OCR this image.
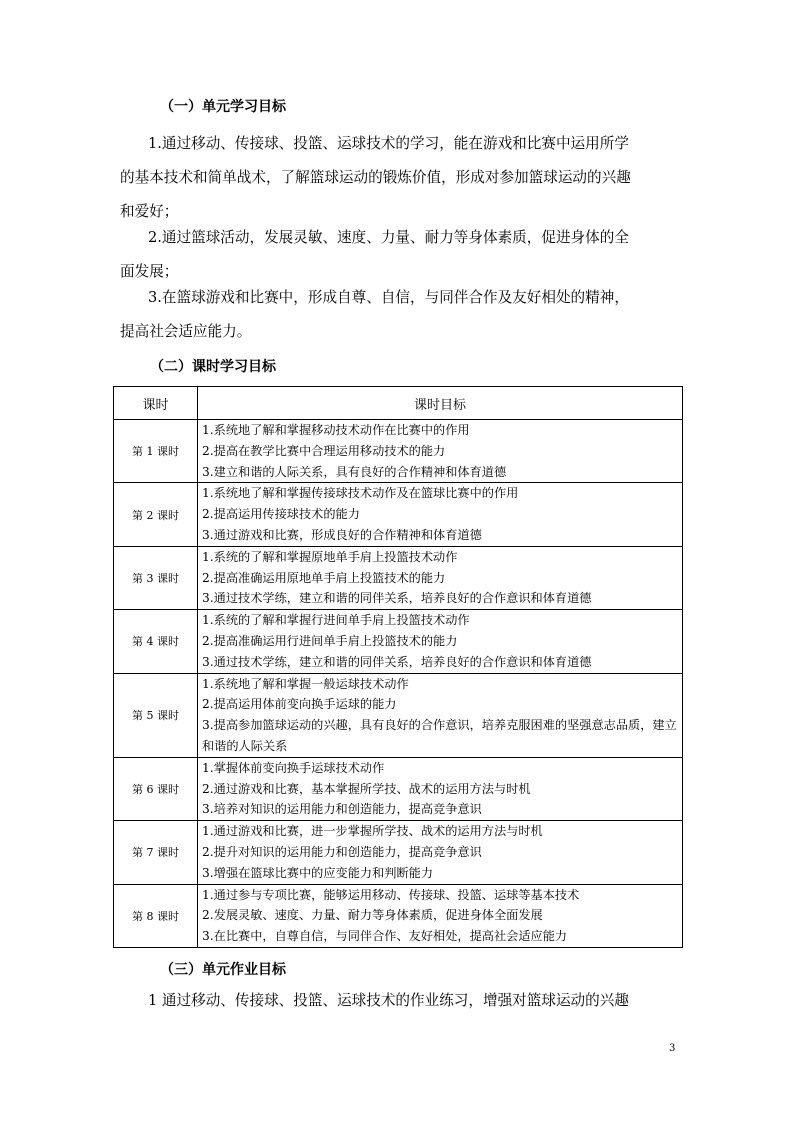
（一）单元学习目标
1.通过移动、传接球、投篮、运球技术的学习，能在游戏和比赛中运用所学
的基本技术和简单战术，了解篮球运动的锻炼价值，形成对参加篮球运动的兴趣
和爱好；
2.通过篮球活动，发展灵敏、速度、力量、耐力等身体素质，促进身体的全
面发展；
3.在篮球游戏和比赛中，形成自尊、自信，与同伴合作及友好相处的精神，
提高社会适应能力。
（二）课时学习目标
课时	课时目标
第 1 课时	1.系统地了解和掌握移动技术动作在比赛中的作用
2.提高在教学比赛中合理运用移动技术的能力
3.建立和谐的人际关系，具有良好的合作精神和体育道德

第 2 课时	1.系统地了解和掌握传接球技术动作及在篮球比赛中的作用
2.提高运用传接球技术的能力
3.通过游戏和比赛，形成良好的合作精神和体育道德

第 3 课时	1.系统的了解和掌握原地单手肩上投篮技术动作
2.提高准确运用原地单手肩上投篮技术的能力
3.通过技术学练，建立和谐的同伴关系，培养良好的合作意识和体育道德

第 4 课时	1.系统的了解和掌握行进间单手肩上投篮技术动作
2.提高准确运用行进间单手肩上投篮技术的能力
3.通过技术学练，建立和谐的同伴关系，培养良好的合作意识和体育道德

第 5 课时	1.系统地了解和掌握一般运球技术动作
2.提高运用体前变向换手运球的能力
3.提高参加篮球运动的兴趣，具有良好的合作意识，培养克服困难的坚强意志品质，建立和谐的人际关系

第 6 课时	1.掌握体前变向换手运球技术动作
2.通过游戏和比赛，基本掌握所学技、战术的运用方法与时机
3.培养对知识的运用能力和创造能力，提高竞争意识

第 7 课时	1.通过游戏和比赛，进一步掌握所学技、战术的运用方法与时机
2.提升对知识的运用能力和创造能力，提高竞争意识
3.增强在篮球比赛中的应变能力和判断能力

第 8 课时	1.通过参与专项比赛，能够运用移动、传接球、投篮、运球等基本技术
2.发展灵敏、速度、力量、耐力等身体素质，促进身体全面发展
3.在比赛中，自尊自信，与同伴合作、友好相处，提高社会适应能力
（三）单元作业目标
1 通过移动、传接球、投篮、运球技术的作业练习，增强对篮球运动的兴趣
3
